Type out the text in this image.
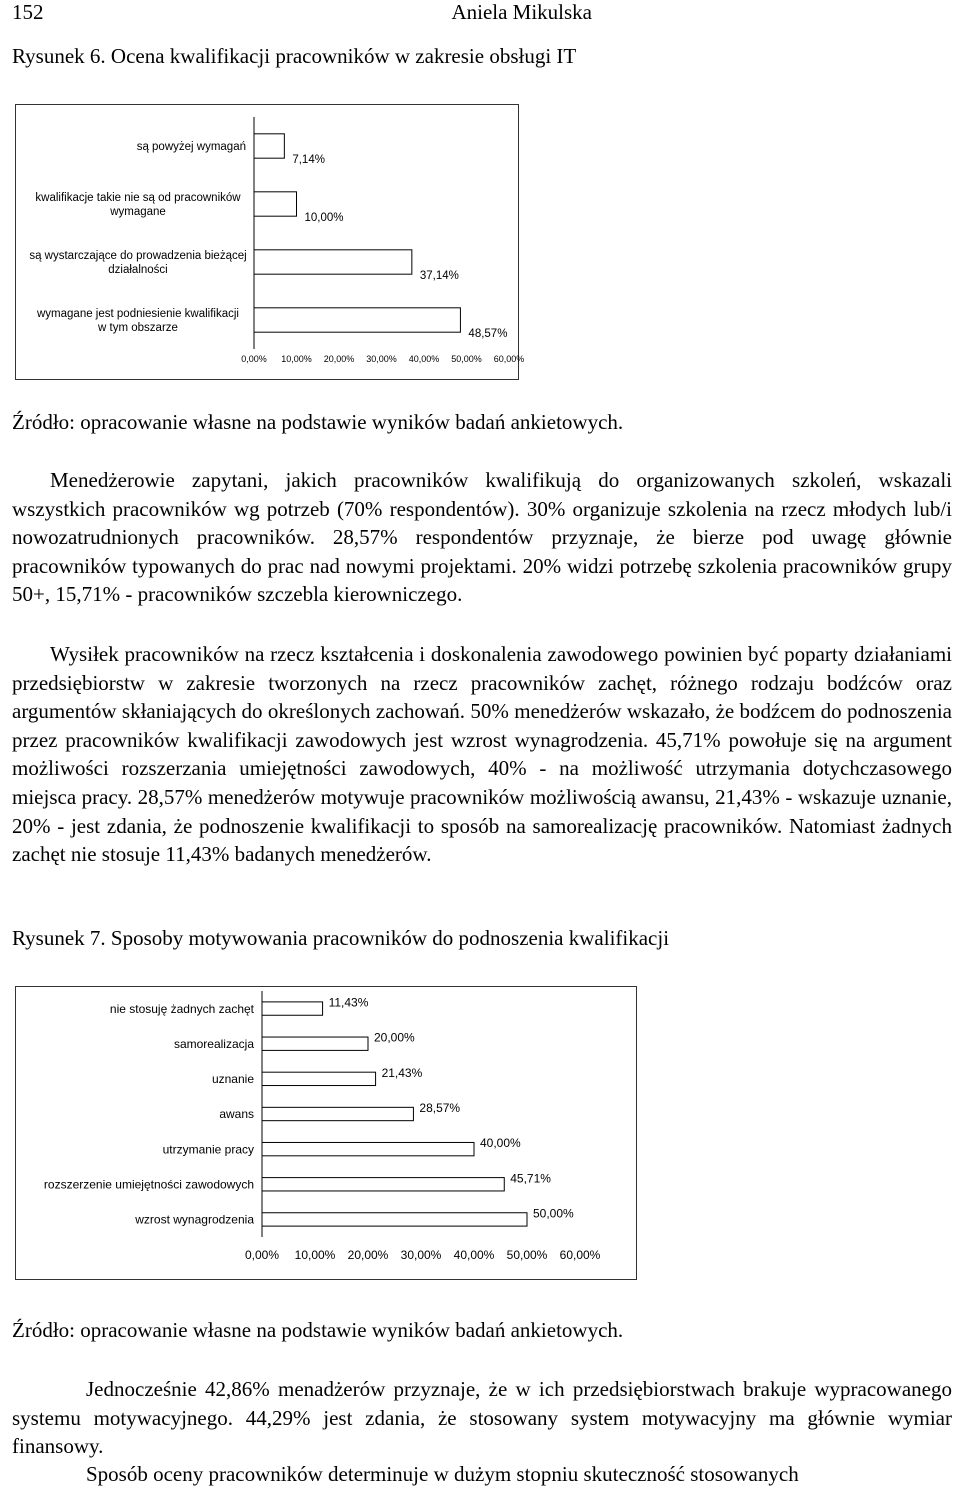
152	Aniela Mikulska
Rysunek 6. Ocena kwalifikacji pracowników w zakresie obsługi IT
0,00% 10,00% 20,00% 30,00% 40,00% 50,00% 60,00%
7,14%
są powyżej wymagań
10,00%
kwalifikacje takie nie są od pracowników
wymagane
37,14%
są wystarczające do prowadzenia bieżącej
działalności
48,57%
wymagane jest podniesienie kwalifikacji
w tym obszarze
Źródło: opracowanie własne na podstawie wyników badań ankietowych.

Menedżerowie zapytani, jakich pracowników kwalifikują do organizowanych szkoleń, wskazali wszystkich pracowników wg potrzeb (70% respondentów). 30% organizuje szkolenia na rzecz młodych lub/i nowozatrudnionych pracowników. 28,57% respondentów przyznaje, że bierze pod uwagę głównie pracowników typowanych do prac nad nowymi projektami. 20% widzi potrzebę szkolenia pracowników grupy 50+, 15,71% - pracowników szczebla kierowniczego.

Wysiłek pracowników na rzecz kształcenia i doskonalenia zawodowego powinien być poparty działaniami przedsiębiorstw w zakresie tworzonych na rzecz pracowników zachęt, różnego rodzaju bodźców oraz argumentów skłaniających do określonych zachowań. 50% menedżerów wskazało, że bodźcem do podnoszenia przez pracowników kwalifikacji zawodowych jest wzrost wynagrodzenia. 45,71% powołuje się na argument możliwości rozszerzania umiejętności zawodowych, 40% - na możliwość utrzymania dotychczasowego miejsca pracy. 28,57% menedżerów motywuje pracowników możliwością awansu, 21,43% - wskazuje uznanie, 20% - jest zdania, że podnoszenie kwalifikacji to sposób na samorealizację pracowników. Natomiast żadnych zachęt nie stosuje 11,43% badanych menedżerów.

Rysunek 7. Sposoby motywowania pracowników do podnoszenia kwalifikacji
0,00% 10,00% 20,00% 30,00% 40,00% 50,00% 60,00%
11,43%
nie stosuję żadnych zachęt
20,00%
samorealizacja
21,43%
uznanie
28,57%
awans
40,00%
utrzymanie pracy
45,71%
rozszerzenie umiejętności zawodowych
50,00%
wzrost wynagrodzenia
Źródło: opracowanie własne na podstawie wyników badań ankietowych.

Jednocześnie 42,86% menadżerów przyznaje, że w ich przedsiębiorstwach brakuje wypracowanego systemu motywacyjnego. 44,29% jest zdania, że stosowany system motywacyjny ma głównie wymiar finansowy.

Sposób oceny pracowników determinuje w dużym stopniu skuteczność stosowanych
